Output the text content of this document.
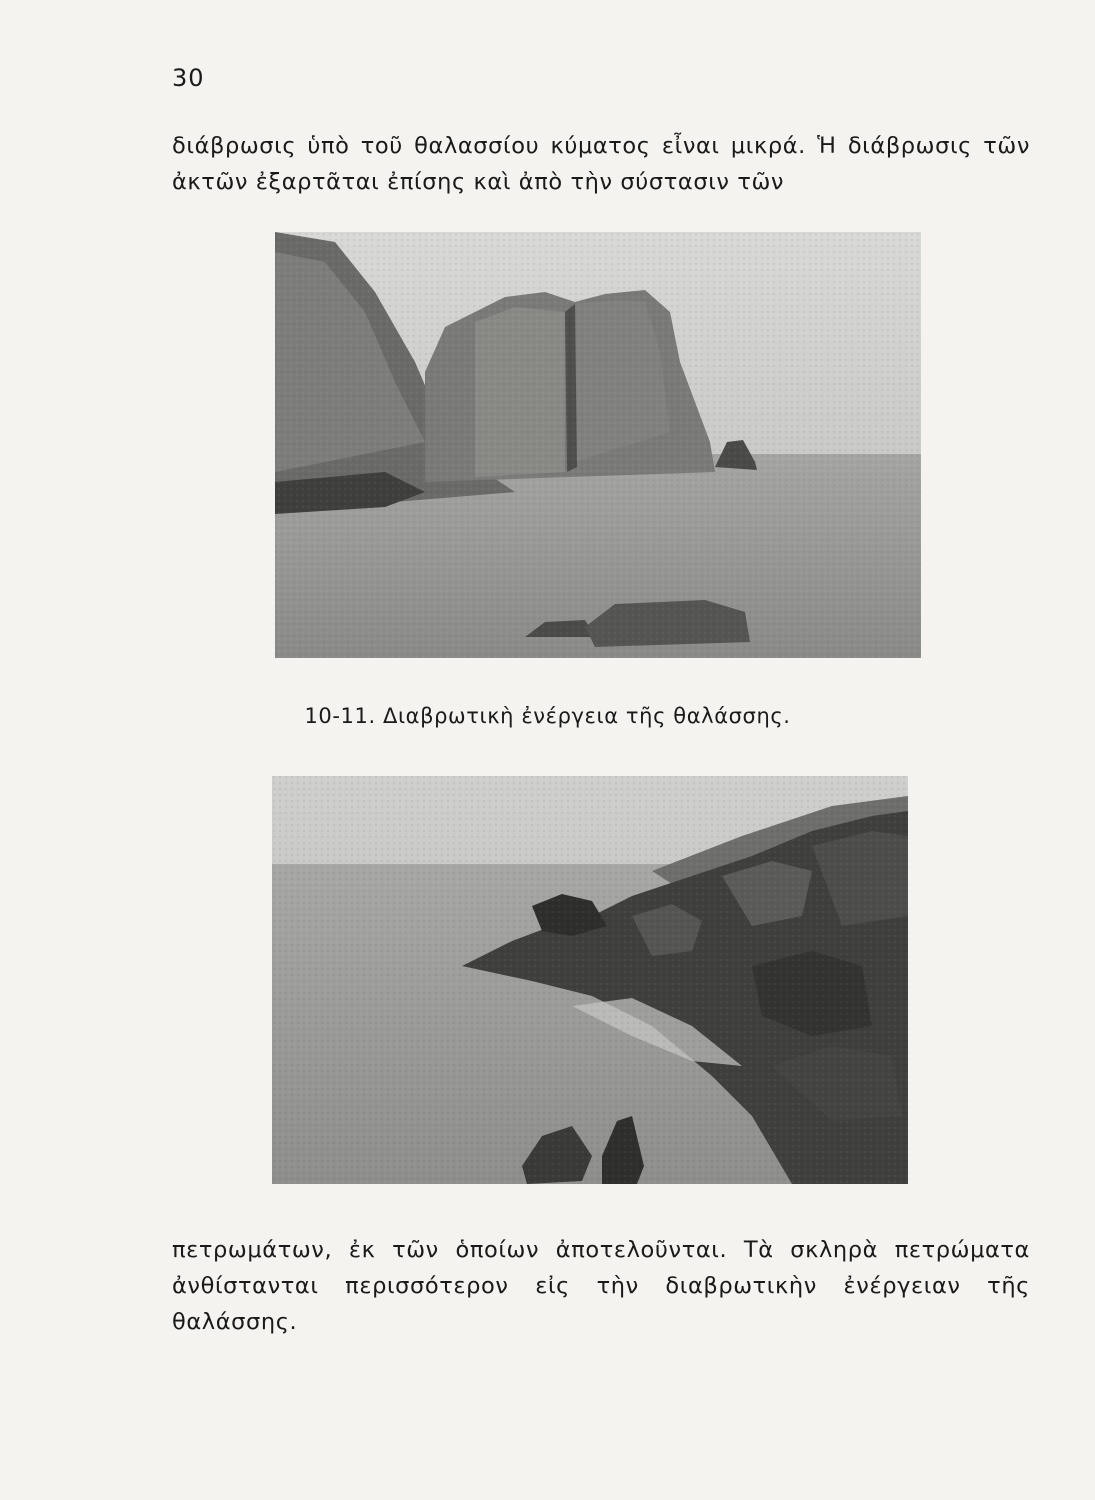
30
διάβρωσις ὑπὸ τοῦ θαλασσίου κύματος εἶναι μικρά. Ἡ διάβρωσις τῶν ἀκτῶν ἐξαρτᾶται ἐπίσης καὶ ἀπὸ τὴν σύστασιν τῶν
10-11. Διαβρωτικὴ ἐνέργεια τῆς θαλάσσης.
πετρωμάτων, ἐκ τῶν ὁποίων ἀποτελοῦνται. Τὰ σκληρὰ πετρώματα ἀνθίστανται περισσότερον εἰς τὴν διαβρωτικὴν ἐνέργειαν τῆς θαλάσσης.
